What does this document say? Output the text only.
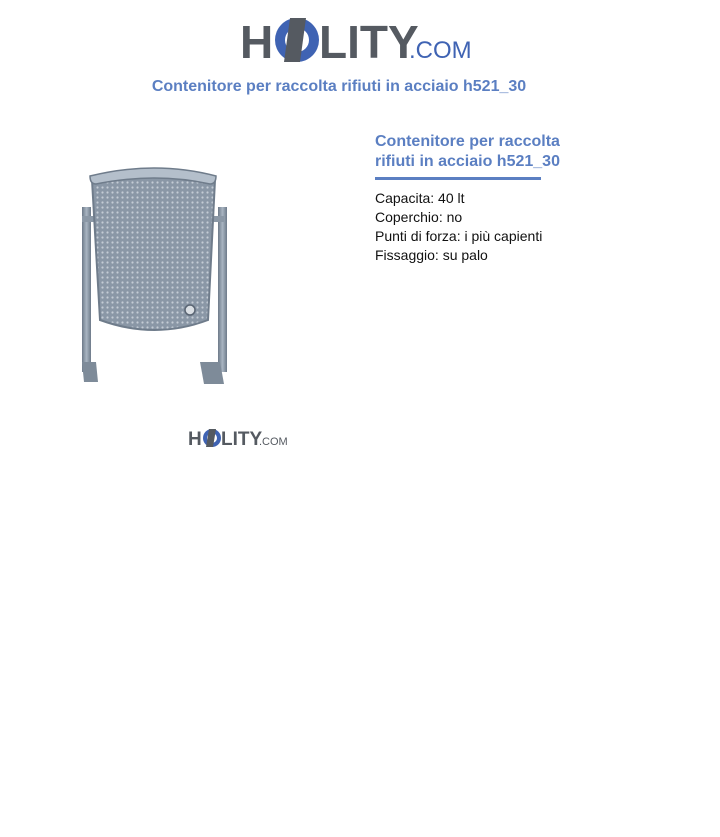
H LITY
.COM
Contenitore per raccolta rifiuti in acciaio h521_30
H LITY
.COM
Contenitore per raccolta rifiuti in acciaio h521_30
Capacita: 40 lt
Coperchio: no
Punti di forza: i più capienti
Fissaggio: su palo
